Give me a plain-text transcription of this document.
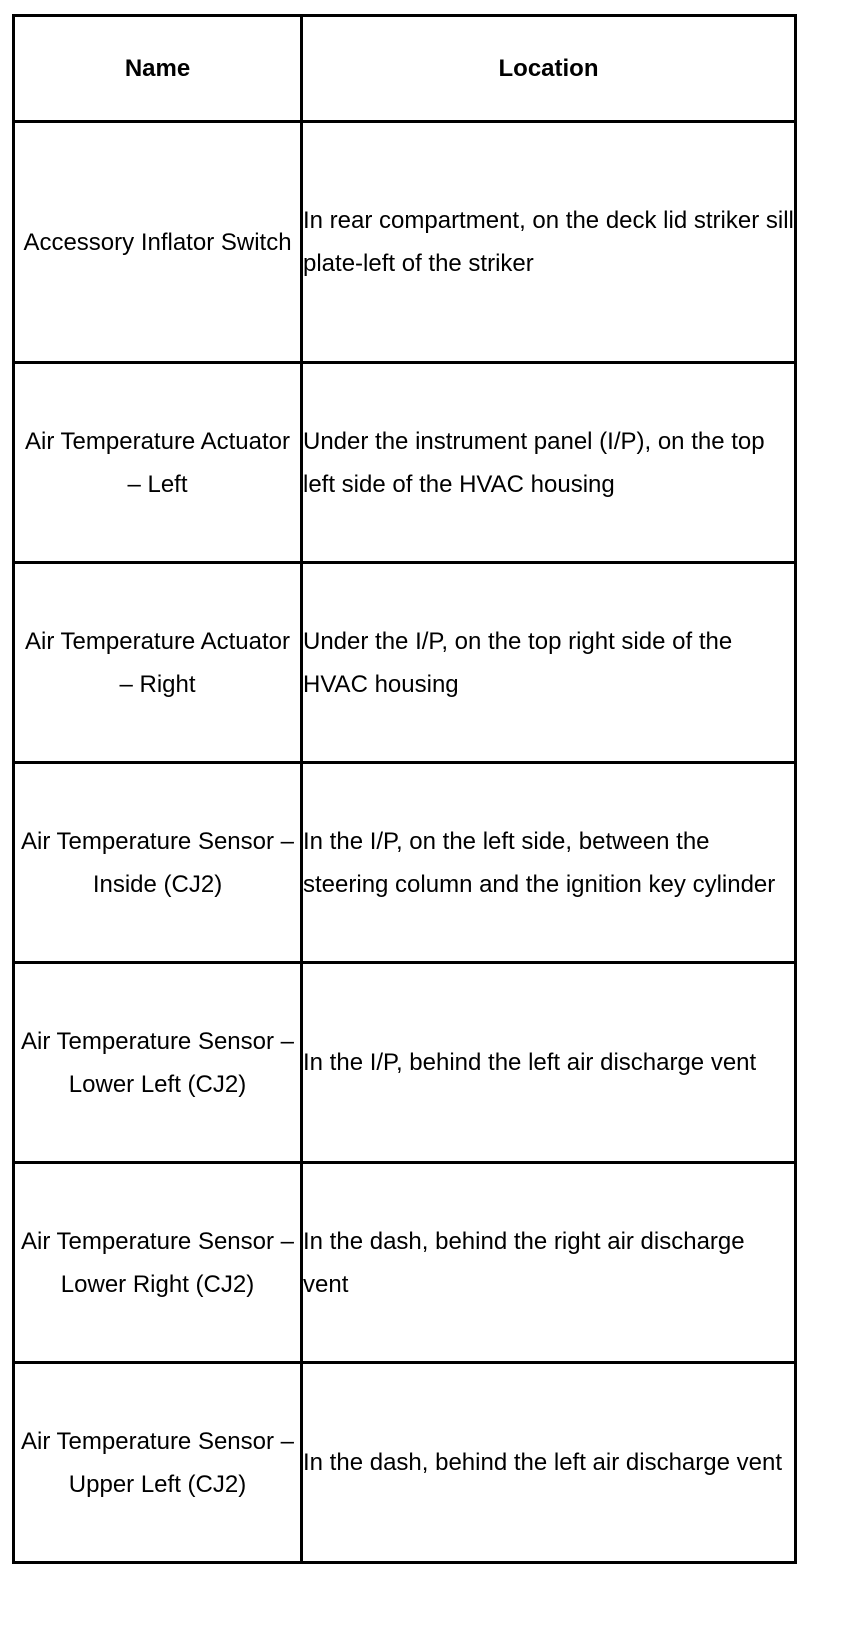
Name	Location

Accessory Inflator Switch	In rear compartment, on the deck lid striker sill plate-left of the striker

Air Temperature Actuator – Left	Under the instrument panel (I/P), on the top left side of the HVAC housing

Air Temperature Actuator – Right	Under the I/P, on the top right side of the HVAC housing

Air Temperature Sensor – Inside (CJ2)	In the I/P, on the left side, between the steering column and the ignition key cylinder

Air Temperature Sensor – Lower Left (CJ2)	In the I/P, behind the left air discharge vent

Air Temperature Sensor – Lower Right (CJ2)	In the dash, behind the right air discharge vent

Air Temperature Sensor – Upper Left (CJ2)	In the dash, behind the left air discharge vent
